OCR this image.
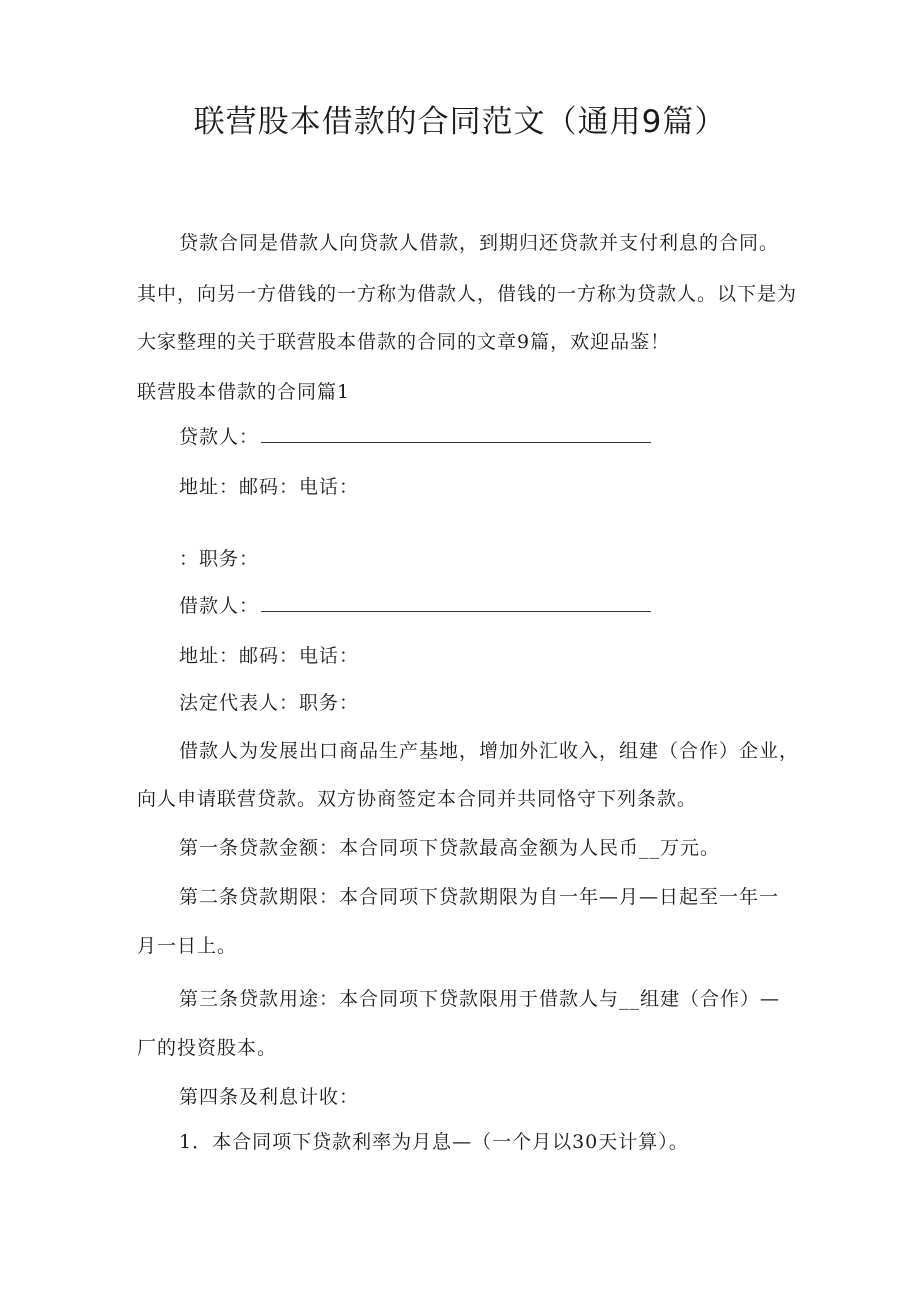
联营股本借款的合同范文（通用9篇）
贷款合同是借款人向贷款人借款，到期归还贷款并支付利息的合同。
其中，向另一方借钱的一方称为借款人，借钱的一方称为贷款人。以下是为
大家整理的关于联营股本借款的合同的文章9篇，欢迎品鉴！
联营股本借款的合同篇1
贷款人：
地址：邮码：电话：
：职务：
借款人：
地址：邮码：电话：
法定代表人：职务：
借款人为发展出口商品生产基地，增加外汇收入，组建（合作）企业，
向人申请联营贷款。双方协商签定本合同并共同恪守下列条款。
第一条贷款金额：本合同项下贷款最高金额为人民币__万元。
第二条贷款期限：本合同项下贷款期限为自一年—月—日起至一年一
月一日上。
第三条贷款用途：本合同项下贷款限用于借款人与__组建（合作）—
厂的投资股本。
第四条及利息计收：
1．本合同项下贷款利率为月息—（一个月以30天计算）。
